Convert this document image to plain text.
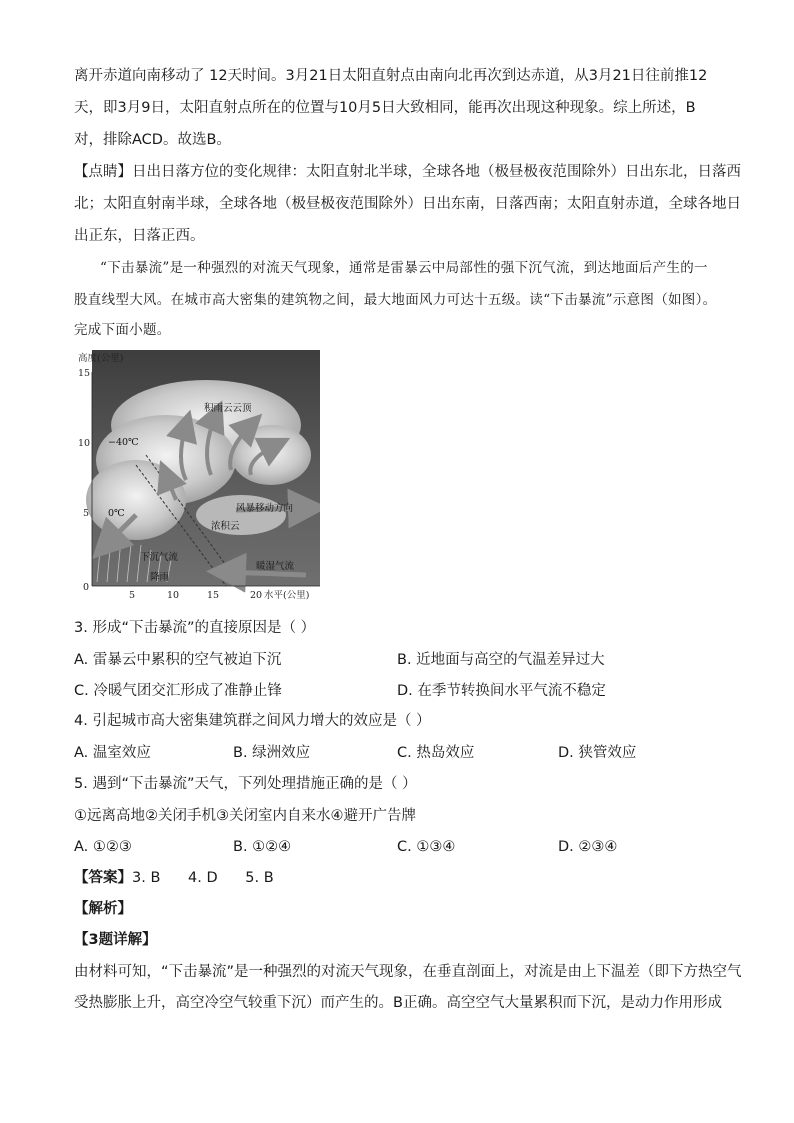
离开赤道向南移动了 12天时间。3月21日太阳直射点由南向北再次到达赤道，从3月21日往前推12
天，即3月9日，太阳直射点所在的位置与10月5日大致相同，能再次出现这种现象。综上所述，B
对，排除ACD。故选B。
【点睛】日出日落方位的变化规律：太阳直射北半球，全球各地（极昼极夜范围除外）日出东北，日落西
北；太阳直射南半球，全球各地（极昼极夜范围除外）日出东南，日落西南；太阳直射赤道，全球各地日
出正东，日落正西。
“下击暴流”是一种强烈的对流天气现象，通常是雷暴云中局部性的强下沉气流，到达地面后产生的一
股直线型大风。在城市高大密集的建筑物之间，最大地面风力可达十五级。读“下击暴流”示意图（如图）。
完成下面小题。
高度(公里)
15
10
5
0
5	10	15	20 水平(公里)
积雨云云顶
−40℃
0℃	风暴移动方向
浓积云
下沉气流
降雨
暖湿气流
3. 形成“下击暴流”的直接原因是（ ）
A. 雷暴云中累积的空气被迫下沉	B. 近地面与高空的气温差异过大
C. 冷暖气团交汇形成了准静止锋	D. 在季节转换间水平气流不稳定
4. 引起城市高大密集建筑群之间风力增大的效应是（ ）
A. 温室效应	B. 绿洲效应	C. 热岛效应	D. 狭管效应
5. 遇到“下击暴流”天气，下列处理措施正确的是（ ）
①远离高地②关闭手机③关闭室内自来水④避开广告牌
A. ①②③	B. ①②④	C. ①③④	D. ②③④
【答案】3. B      4. D      5. B
【解析】
【3题详解】
由材料可知，“下击暴流”是一种强烈的对流天气现象，在垂直剖面上，对流是由上下温差（即下方热空气
受热膨胀上升，高空冷空气较重下沉）而产生的。B正确。高空空气大量累积而下沉，是动力作用形成
